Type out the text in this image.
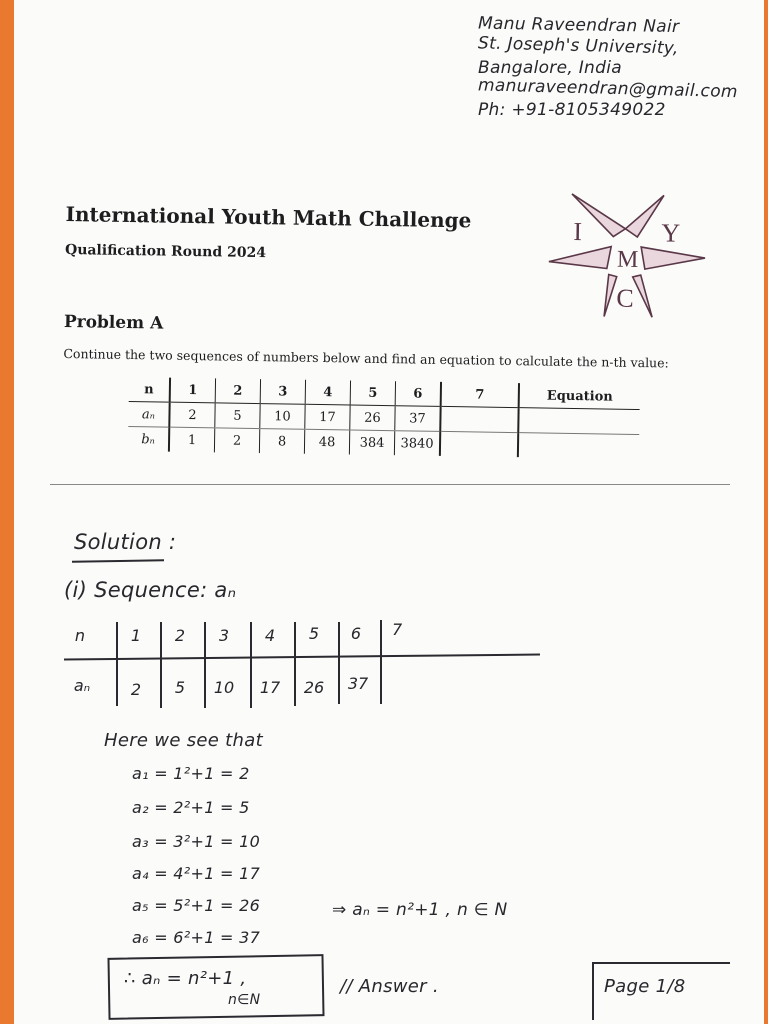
Manu Raveendran Nair
St. Joseph's University,
Bangalore, India
manuraveendran@gmail.com
Ph: +91-8105349022
International Youth Math Challenge
Qualification Round 2024
I	Y
M
C
Problem A
Continue the two sequences of numbers below and find an equation to calculate the n-th value:
n	1	2	3	4	5	6	7	Equation
aₙ	2	5	10	17	26	37		
bₙ	1	2	8	48	384	3840		
Solution :
(i) Sequence: aₙ
n	1	2	3	4	5	6	7
aₙ	2	5	10	17	26	37
Here we see that
a₁ = 1²+1 = 2
a₂ = 2²+1 = 5
a₃ = 3²+1 = 10
a₄ = 4²+1 = 17
a₅ = 5²+1 = 26
a₆ = 6²+1 = 37
⇒ aₙ = n²+1 , n ∈ N
∴ aₙ = n²+1 ,
n∈N
// Answer .	Page 1/8
